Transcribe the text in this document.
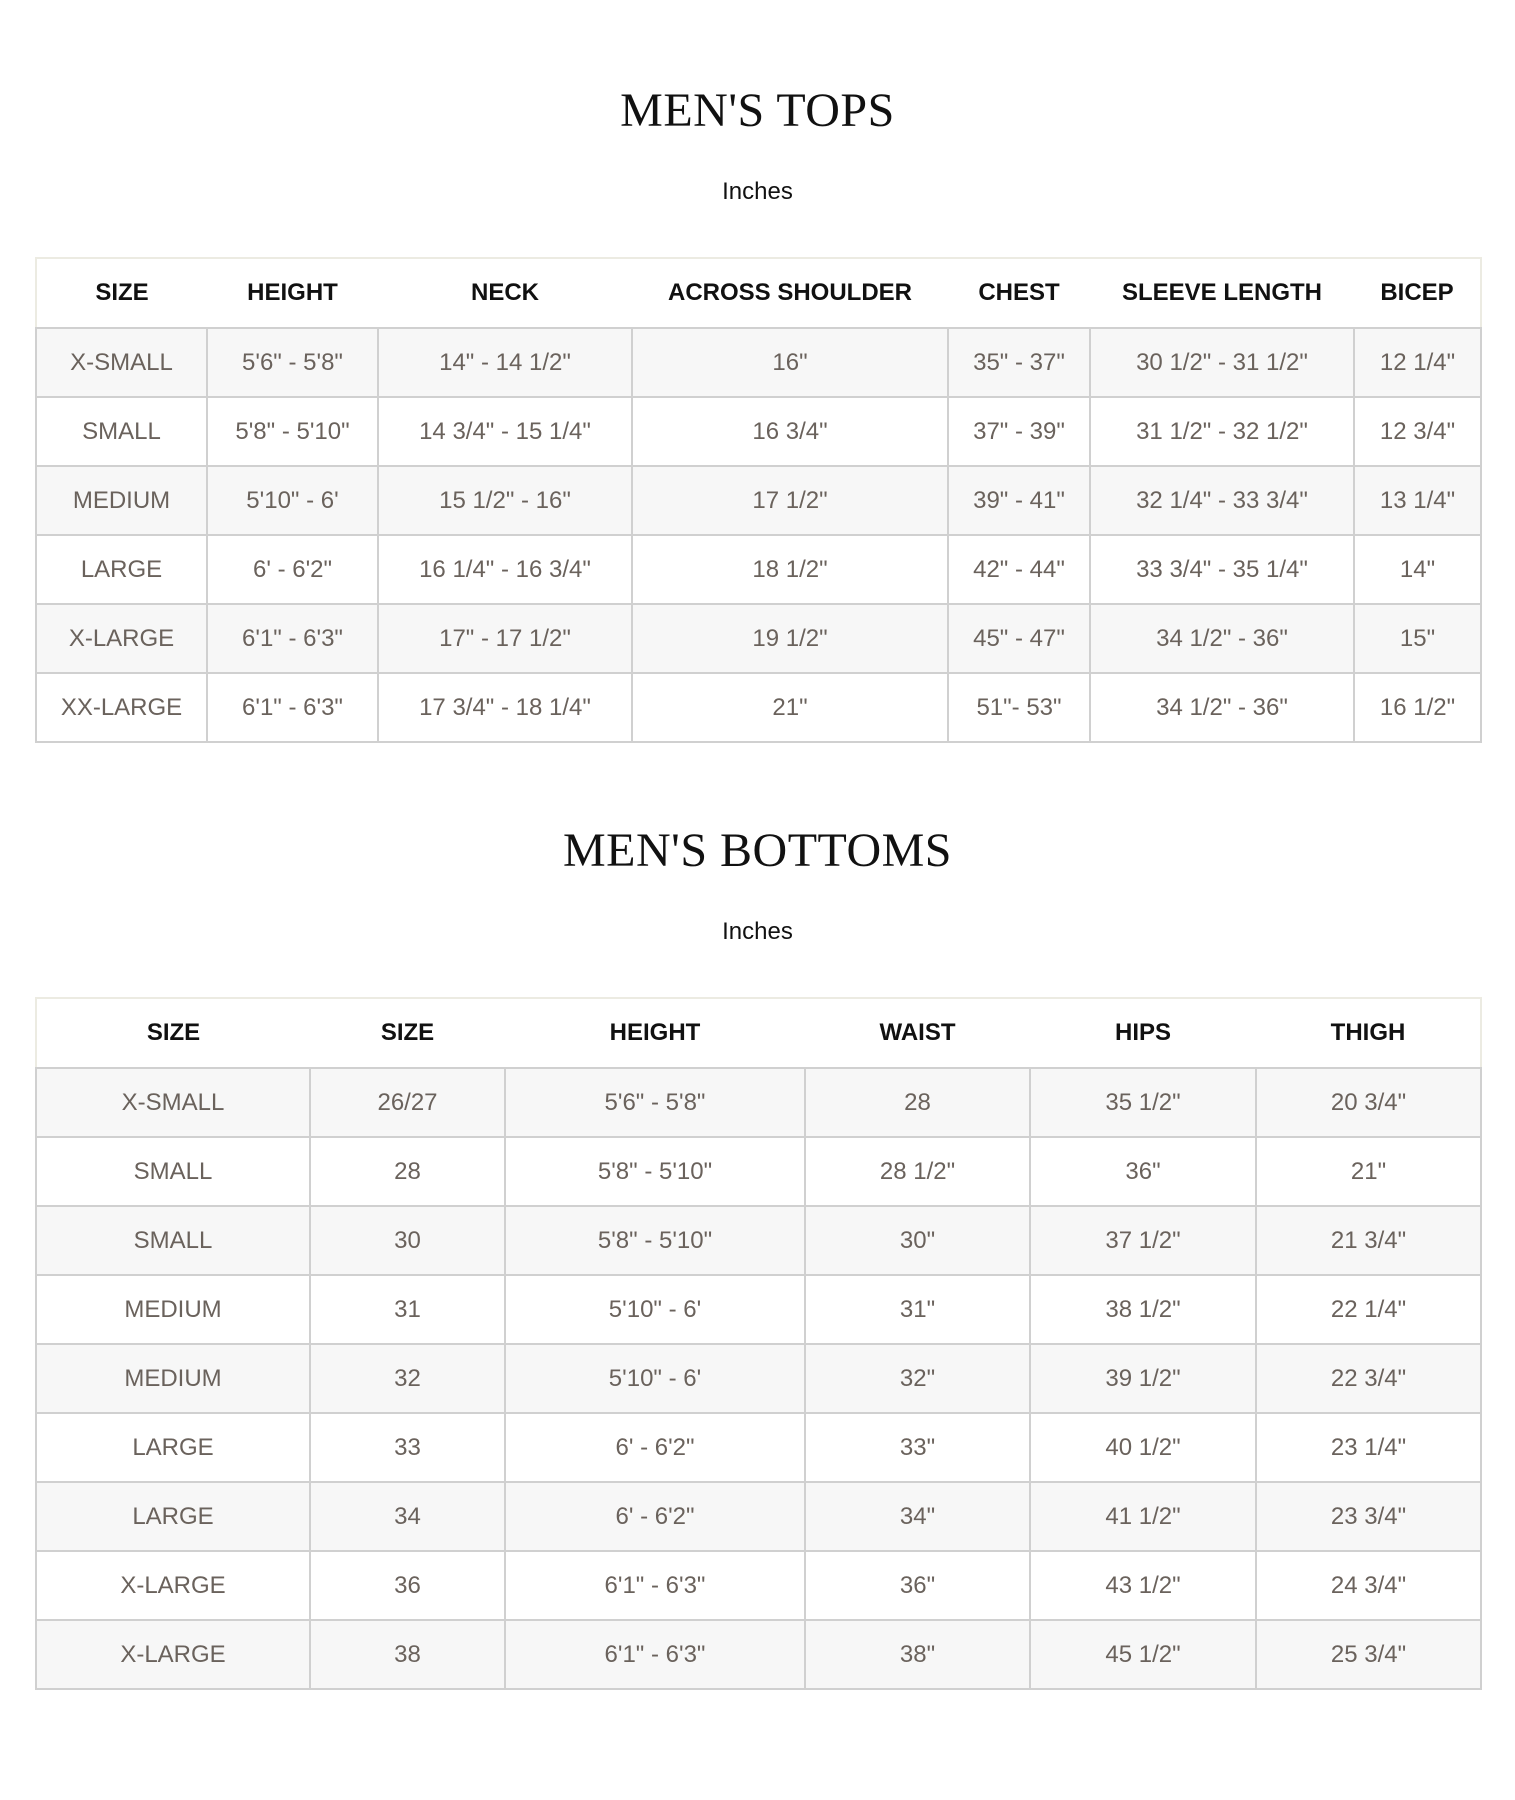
MEN'S TOPS
Inches
SIZE	HEIGHT	NECK	ACROSS SHOULDER	CHEST	SLEEVE LENGTH	BICEP
X-SMALL	5'6" - 5'8"	14" - 14 1/2"	16"	35" - 37"	30 1/2" - 31 1/2"	12 1/4"
SMALL	5'8" - 5'10"	14 3/4" - 15 1/4"	16 3/4"	37" - 39"	31 1/2" - 32 1/2"	12 3/4"
MEDIUM	5'10" - 6'	15 1/2" - 16"	17 1/2"	39" - 41"	32 1/4" - 33 3/4"	13 1/4"
LARGE	6' - 6'2"	16 1/4" - 16 3/4"	18 1/2"	42" - 44"	33 3/4" - 35 1/4"	14"
X-LARGE	6'1" - 6'3"	17" - 17 1/2"	19 1/2"	45" - 47"	34 1/2" - 36"	15"
XX-LARGE	6'1" - 6'3"	17 3/4" - 18 1/4"	21"	51"- 53"	34 1/2" - 36"	16 1/2"
MEN'S BOTTOMS
Inches
SIZE	SIZE	HEIGHT	WAIST	HIPS	THIGH
X-SMALL	26/27	5'6" - 5'8"	28	35 1/2"	20 3/4"
SMALL	28	5'8" - 5'10"	28 1/2"	36"	21"
SMALL	30	5'8" - 5'10"	30"	37 1/2"	21 3/4"
MEDIUM	31	5'10" - 6'	31"	38 1/2"	22 1/4"
MEDIUM	32	5'10" - 6'	32"	39 1/2"	22 3/4"
LARGE	33	6' - 6'2"	33"	40 1/2"	23 1/4"
LARGE	34	6' - 6'2"	34"	41 1/2"	23 3/4"
X-LARGE	36	6'1" - 6'3"	36"	43 1/2"	24 3/4"
X-LARGE	38	6'1" - 6'3"	38"	45 1/2"	25 3/4"
